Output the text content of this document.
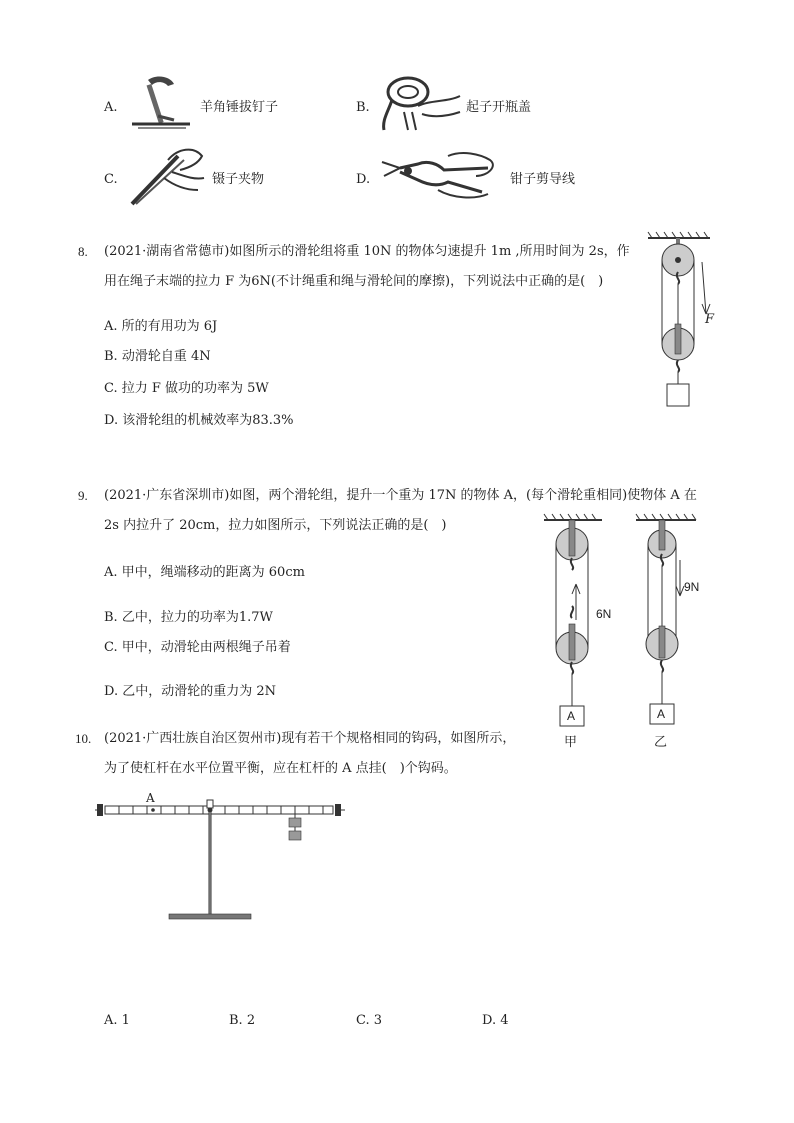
A.	羊角锤拔钉子	B.	起子开瓶盖
C.	镊子夹物	D.	钳子剪导线
8. (2021·湖南省常德市)如图所示的滑轮组将重 10N 的物体匀速提升 1m ,所用时间为 2s，作
用在绳子末端的拉力 F 为6N(不计绳重和绳与滑轮间的摩擦)，下列说法中正确的是(　)
A. 所的有用功为 6J
B. 动滑轮自重 4N
C. 拉力 F 做功的功率为 5W
D. 该滑轮组的机械效率为83.3%
F
9. (2021·广东省深圳市)如图，两个滑轮组，提升一个重为 17N 的物体 A，(每个滑轮重相同)使物体 A 在
2s 内拉升了 20cm，拉力如图所示，下列说法正确的是(　)
A. 甲中，绳端移动的距离为 60cm
B. 乙中，拉力的功率为1.7W
C. 甲中，动滑轮由两根绳子吊着
D. 乙中，动滑轮的重力为 2N
6N
A
甲
9N
A
乙
10. (2021·广西壮族自治区贺州市)现有若干个规格相同的钩码，如图所示，
为了使杠杆在水平位置平衡，应在杠杆的 A 点挂(　)个钩码。
A
A. 1	B. 2	C. 3	D. 4
